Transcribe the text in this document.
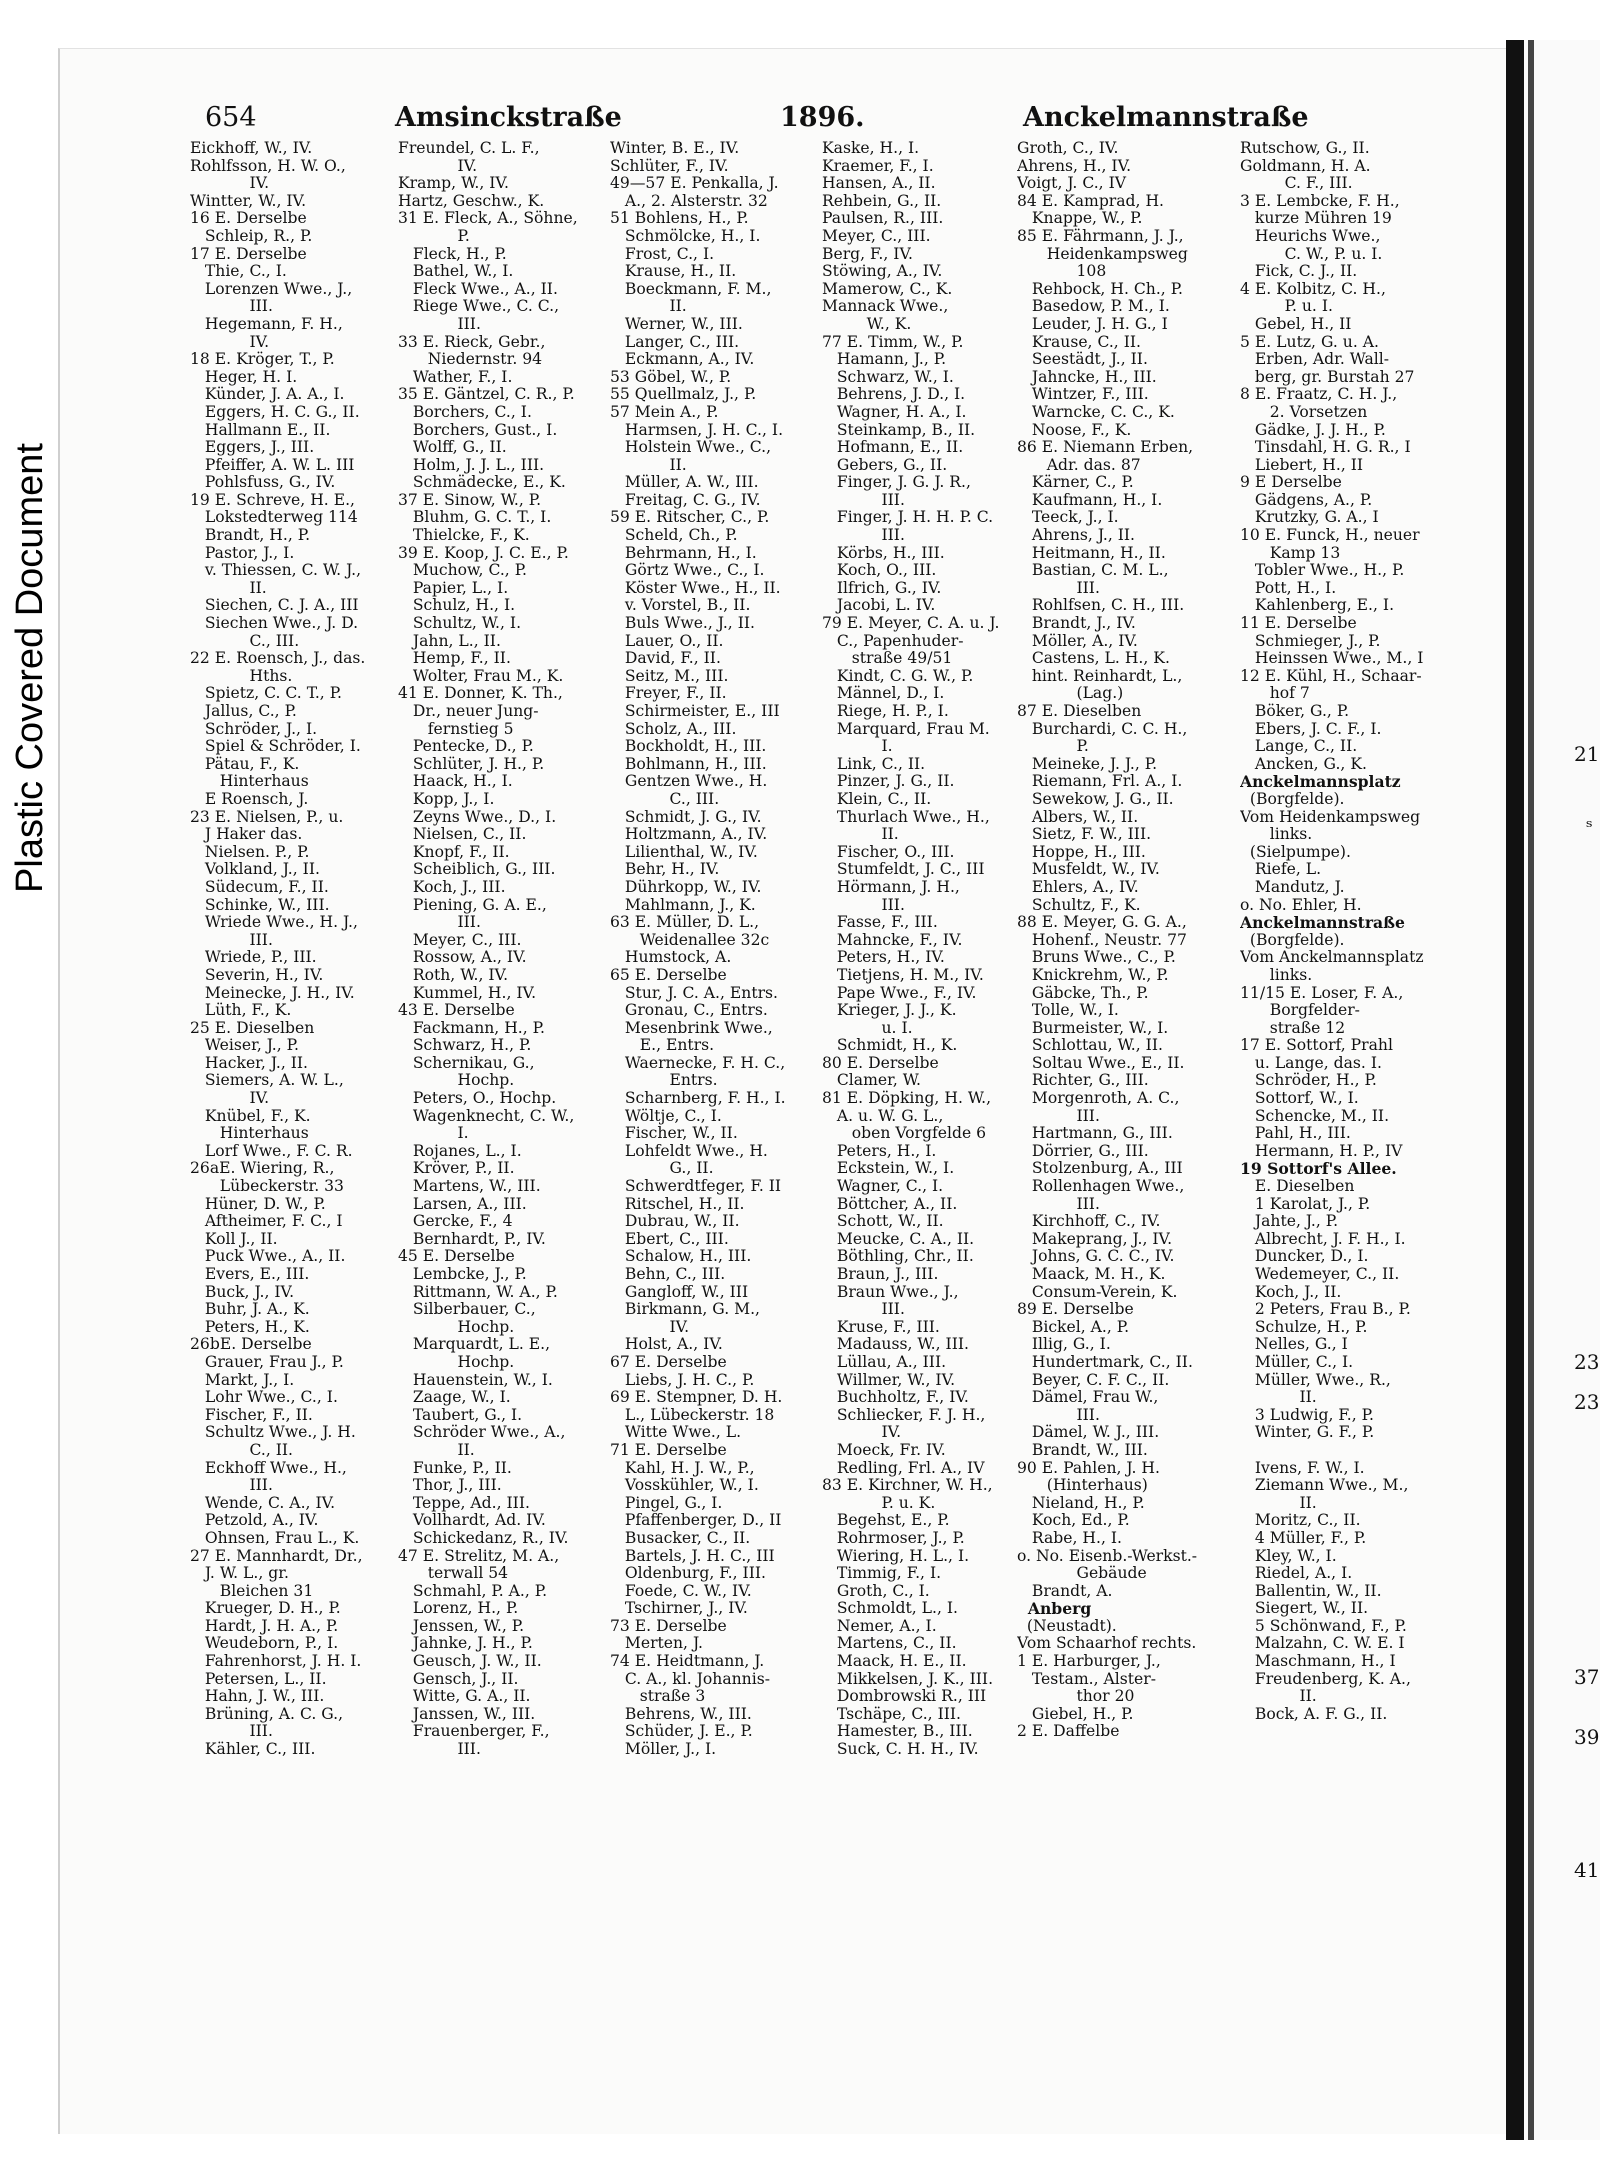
Plastic Covered Document	21
ₛ
23
23
37
39
41
654	Amsinckstraße	1896.	Anckelmannstraße
Eickhoff, W., IV.
Rohlfsson, H. W. O.,
IV.
Wintter, W., IV.
16 E. Derselbe
Schleip, R., P.
17 E. Derselbe
Thie, C., I.
Lorenzen Wwe., J.,
III.
Hegemann, F. H.,
IV.
18 E. Kröger, T., P.
Heger, H. I.
Künder, J. A. A., I.
Eggers, H. C. G., II.
Hallmann E., II.
Eggers, J., III.
Pfeiffer, A. W. L. III
Pohlsfuss, G., IV.
19 E. Schreve, H. E.,
Lokstedterweg 114
Brandt, H., P.
Pastor, J., I.
v. Thiessen, C. W. J.,
II.
Siechen, C. J. A., III
Siechen Wwe., J. D.
C., III.
22 E. Roensch, J., das.
Hths.
Spietz, C. C. T., P.
Jallus, C., P.
Schröder, J., I.
Spiel & Schröder, I.
Pätau, F., K.
Hinterhaus
E Roensch, J.
23 E. Nielsen, P., u.
J Haker das.
Nielsen. P., P.
Volkland, J., II.
Südecum, F., II.
Schinke, W., III.
Wriede Wwe., H. J.,
III.
Wriede, P., III.
Severin, H., IV.
Meinecke, J. H., IV.
Lüth, F., K.
25 E. Dieselben
Weiser, J., P.
Hacker, J., II.
Siemers, A. W. L.,
IV.
Knübel, F., K.
Hinterhaus
Lorf Wwe., F. C. R.
26aE. Wiering, R.,
Lübeckerstr. 33
Hüner, D. W., P.
Aftheimer, F. C., I
Koll J., II.
Puck Wwe., A., II.
Evers, E., III.
Buck, J., IV.
Buhr, J. A., K.
Peters, H., K.
26bE. Derselbe
Grauer, Frau J., P.
Markt, J., I.
Lohr Wwe., C., I.
Fischer, F., II.
Schultz Wwe., J. H.
C., II.
Eckhoff Wwe., H.,
III.
Wende, C. A., IV.
Petzold, A., IV.
Ohnsen, Frau L., K.
27 E. Mannhardt, Dr.,
J. W. L., gr.
Bleichen 31
Krueger, D. H., P.
Hardt, J. H. A., P.
Weudeborn, P., I.
Fahrenhorst, J. H. I.
Petersen, L., II.
Hahn, J. W., III.
Brüning, A. C. G.,
III.
Kähler, C., III.
Freundel, C. L. F.,
IV.
Kramp, W., IV.
Hartz, Geschw., K.
31 E. Fleck, A., Söhne,
P.
Fleck, H., P.
Bathel, W., I.
Fleck Wwe., A., II.
Riege Wwe., C. C.,
III.
33 E. Rieck, Gebr.,
Niedernstr. 94
Wather, F., I.
35 E. Gäntzel, C. R., P.
Borchers, C., I.
Borchers, Gust., I.
Wolff, G., II.
Holm, J. J. L., III.
Schmädecke, E., K.
37 E. Sinow, W., P.
Bluhm, G. C. T., I.
Thielcke, F., K.
39 E. Koop, J. C. E., P.
Muchow, C., P.
Papier, L., I.
Schulz, H., I.
Schultz, W., I.
Jahn, L., II.
Hemp, F., II.
Wolter, Frau M., K.
41 E. Donner, K. Th.,
Dr., neuer Jung-
fernstieg 5
Pentecke, D., P.
Schlüter, J. H., P.
Haack, H., I.
Kopp, J., I.
Zeyns Wwe., D., I.
Nielsen, C., II.
Knopf, F., II.
Scheiblich, G., III.
Koch, J., III.
Piening, G. A. E.,
III.
Meyer, C., III.
Rossow, A., IV.
Roth, W., IV.
Kummel, H., IV.
43 E. Derselbe
Fackmann, H., P.
Schwarz, H., P.
Schernikau, G.,
Hochp.
Peters, O., Hochp.
Wagenknecht, C. W.,
I.
Rojanes, L., I.
Kröver, P., II.
Martens, W., III.
Larsen, A., III.
Gercke, F., 4
Bernhardt, P., IV.
45 E. Derselbe
Lembcke, J., P.
Rittmann, W. A., P.
Silberbauer, C.,
Hochp.
Marquardt, L. E.,
Hochp.
Hauenstein, W., I.
Zaage, W., I.
Taubert, G., I.
Schröder Wwe., A.,
II.
Funke, P., II.
Thor, J., III.
Teppe, Ad., III.
Vollhardt, Ad. IV.
Schickedanz, R., IV.
47 E. Strelitz, M. A.,
terwall 54
Schmahl, P. A., P.
Lorenz, H., P.
Jenssen, W., P.
Jahnke, J. H., P.
Geusch, J. W., II.
Gensch, J., II.
Witte, G. A., II.
Janssen, W., III.
Frauenberger, F.,
III.
Winter, B. E., IV.
Schlüter, F., IV.
49—57 E. Penkalla, J.
A., 2. Alsterstr. 32
51 Bohlens, H., P.
Schmölcke, H., I.
Frost, C., I.
Krause, H., II.
Boeckmann, F. M.,
II.
Werner, W., III.
Langer, C., III.
Eckmann, A., IV.
53 Göbel, W., P.
55 Quellmalz, J., P.
57 Mein A., P.
Harmsen, J. H. C., I.
Holstein Wwe., C.,
II.
Müller, A. W., III.
Freitag, C. G., IV.
59 E. Ritscher, C., P.
Scheld, Ch., P.
Behrmann, H., I.
Görtz Wwe., C., I.
Köster Wwe., H., II.
v. Vorstel, B., II.
Buls Wwe., J., II.
Lauer, O., II.
David, F., II.
Seitz, M., III.
Freyer, F., II.
Schirmeister, E., III
Scholz, A., III.
Bockholdt, H., III.
Bohlmann, H., III.
Gentzen Wwe., H.
C., III.
Schmidt, J. G., IV.
Holtzmann, A., IV.
Lilienthal, W., IV.
Behr, H., IV.
Dührkopp, W., IV.
Mahlmann, J., K.
63 E. Müller, D. L.,
Weidenallee 32c
Humstock, A.
65 E. Derselbe
Stur, J. C. A., Entrs.
Gronau, C., Entrs.
Mesenbrink Wwe.,
E., Entrs.
Waernecke, F. H. C.,
Entrs.
Scharnberg, F. H., I.
Wöltje, C., I.
Fischer, W., II.
Lohfeldt Wwe., H.
G., II.
Schwerdtfeger, F. II
Ritschel, H., II.
Dubrau, W., II.
Ebert, C., III.
Schalow, H., III.
Behn, C., III.
Gangloff, W., III
Birkmann, G. M.,
IV.
Holst, A., IV.
67 E. Derselbe
Liebs, J. H. C., P.
69 E. Stempner, D. H.
L., Lübeckerstr. 18
Witte Wwe., L.
71 E. Derselbe
Kahl, H. J. W., P.,
Vosskühler, W., I.
Pingel, G., I.
Pfaffenberger, D., II
Busacker, C., II.
Bartels, J. H. C., III
Oldenburg, F., III.
Foede, C. W., IV.
Tschirner, J., IV.
73 E. Derselbe
Merten, J.
74 E. Heidtmann, J.
C. A., kl. Johannis-
straße 3
Behrens, W., III.
Schüder, J. E., P.
Möller, J., I.
Kaske, H., I.
Kraemer, F., I.
Hansen, A., II.
Rehbein, G., II.
Paulsen, R., III.
Meyer, C., III.
Berg, F., IV.
Stöwing, A., IV.
Mamerow, C., K.
Mannack Wwe.,
W., K.
77 E. Timm, W., P.
Hamann, J., P.
Schwarz, W., I.
Behrens, J. D., I.
Wagner, H. A., I.
Steinkamp, B., II.
Hofmann, E., II.
Gebers, G., II.
Finger, J. G. J. R.,
III.
Finger, J. H. H. P. C.
III.
Körbs, H., III.
Koch, O., III.
Ilfrich, G., IV.
Jacobi, L. IV.
79 E. Meyer, C. A. u. J.
C., Papenhuder-
straße 49/51
Kindt, C. G. W., P.
Männel, D., I.
Riege, H. P., I.
Marquard, Frau M.
I.
Link, C., II.
Pinzer, J. G., II.
Klein, C., II.
Thurlach Wwe., H.,
II.
Fischer, O., III.
Stumfeldt, J. C., III
Hörmann, J. H.,
III.
Fasse, F., III.
Mahncke, F., IV.
Peters, H., IV.
Tietjens, H. M., IV.
Pape Wwe., F., IV.
Krieger, J. J., K.
u. I.
Schmidt, H., K.
80 E. Derselbe
Clamer, W.
81 E. Döpking, H. W.,
A. u. W. G. L.,
oben Vorgfelde 6
Peters, H., I.
Eckstein, W., I.
Wagner, C., I.
Böttcher, A., II.
Schott, W., II.
Meucke, C. A., II.
Böthling, Chr., II.
Braun, J., III.
Braun Wwe., J.,
III.
Kruse, F., III.
Madauss, W., III.
Lüllau, A., III.
Willmer, W., IV.
Buchholtz, F., IV.
Schliecker, F. J. H.,
IV.
Moeck, Fr. IV.
Redling, Frl. A., IV
83 E. Kirchner, W. H.,
P. u. K.
Begehst, E., P.
Rohrmoser, J., P.
Wiering, H. L., I.
Timmig, F., I.
Groth, C., I.
Schmoldt, L., I.
Nemer, A., I.
Martens, C., II.
Maack, H. E., II.
Mikkelsen, J. K., III.
Dombrowski R., III
Tschäpe, C., III.
Hamester, B., III.
Suck, C. H. H., IV.
Groth, C., IV.
Ahrens, H., IV.
Voigt, J. C., IV
84 E. Kamprad, H.
Knappe, W., P.
85 E. Fährmann, J. J.,
Heidenkampsweg
108
Rehbock, H. Ch., P.
Basedow, P. M., I.
Leuder, J. H. G., I
Krause, C., II.
Seestädt, J., II.
Jahncke, H., III.
Wintzer, F., III.
Warncke, C. C., K.
Noose, F., K.
86 E. Niemann Erben,
Adr. das. 87
Kärner, C., P.
Kaufmann, H., I.
Teeck, J., I.
Ahrens, J., II.
Heitmann, H., II.
Bastian, C. M. L.,
III.
Rohlfsen, C. H., III.
Brandt, J., IV.
Möller, A., IV.
Castens, L. H., K.
hint. Reinhardt, L.,
(Lag.)
87 E. Dieselben
Burchardi, C. C. H.,
P.
Meineke, J. J., P.
Riemann, Frl. A., I.
Sewekow, J. G., II.
Albers, W., II.
Sietz, F. W., III.
Hoppe, H., III.
Musfeldt, W., IV.
Ehlers, A., IV.
Schultz, F., K.
88 E. Meyer, G. G. A.,
Hohenf., Neustr. 77
Bruns Wwe., C., P.
Knickrehm, W., P.
Gäbcke, Th., P.
Tolle, W., I.
Burmeister, W., I.
Schlottau, W., II.
Soltau Wwe., E., II.
Richter, G., III.
Morgenroth, A. C.,
III.
Hartmann, G., III.
Dörrier, G., III.
Stolzenburg, A., III
Rollenhagen Wwe.,
III.
Kirchhoff, C., IV.
Makeprang, J., IV.
Johns, G. C. C., IV.
Maack, M. H., K.
Consum-Verein, K.
89 E. Derselbe
Bickel, A., P.
Illig, G., I.
Hundertmark, C., II.
Beyer, C. F. C., II.
Dämel, Frau W.,
III.
Dämel, W. J., III.
Brandt, W., III.
90 E. Pahlen, J. H.
(Hinterhaus)
Nieland, H., P.
Koch, Ed., P.
Rabe, H., I.
o. No. Eisenb.-Werkst.-
Gebäude
Brandt, A.
Anberg
(Neustadt).
Vom Schaarhof rechts.
1 E. Harburger, J.,
Testam., Alster-
thor 20
Giebel, H., P.
2 E. Daffelbe
Rutschow, G., II.
Goldmann, H. A.
C. F., III.
3 E. Lembcke, F. H.,
kurze Mühren 19
Heurichs Wwe.,
C. W., P. u. I.
Fick, C. J., II.
4 E. Kolbitz, C. H.,
P. u. I.
Gebel, H., II
5 E. Lutz, G. u. A.
Erben, Adr. Wall-
berg, gr. Burstah 27
8 E. Fraatz, C. H. J.,
2. Vorsetzen
Gädke, J. J. H., P.
Tinsdahl, H. G. R., I
Liebert, H., II
9 E Derselbe
Gädgens, A., P.
Krutzky, G. A., I
10 E. Funck, H., neuer
Kamp 13
Tobler Wwe., H., P.
Pott, H., I.
Kahlenberg, E., I.
11 E. Derselbe
Schmieger, J., P.
Heinssen Wwe., M., I
12 E. Kühl, H., Schaar-
hof 7
Böker, G., P.
Ebers, J. C. F., I.
Lange, C., II.
Ancken, G., K.
Anckelmannsplatz
(Borgfelde).
Vom Heidenkampsweg
links.
(Sielpumpe).
Riefe, L.
Mandutz, J.
o. No. Ehler, H.
Anckelmannstraße
(Borgfelde).
Vom Anckelmannsplatz
links.
11/15 E. Loser, F. A.,
Borgfelder-
straße 12
17 E. Sottorf, Prahl
u. Lange, das. I.
Schröder, H., P.
Sottorf, W., I.
Schencke, M., II.
Pahl, H., III.
Hermann, H. P., IV
19 Sottorf's Allee.
E. Dieselben
1 Karolat, J., P.
Jahte, J., P.
Albrecht, J. F. H., I.
Duncker, D., I.
Wedemeyer, C., II.
Koch, J., II.
2 Peters, Frau B., P.
Schulze, H., P.
Nelles, G., I
Müller, C., I.
Müller, Wwe., R.,
II.
3 Ludwig, F., P.
Winter, G. F., P.
Ivens, F. W., I.
Ziemann Wwe., M.,
II.
Moritz, C., II.
4 Müller, F., P.
Kley, W., I.
Riedel, A., I.
Ballentin, W., II.
Siegert, W., II.
5 Schönwand, F., P.
Malzahn, C. W. E. I
Maschmann, H., I
Freudenberg, K. A.,
II.
Bock, A. F. G., II.
